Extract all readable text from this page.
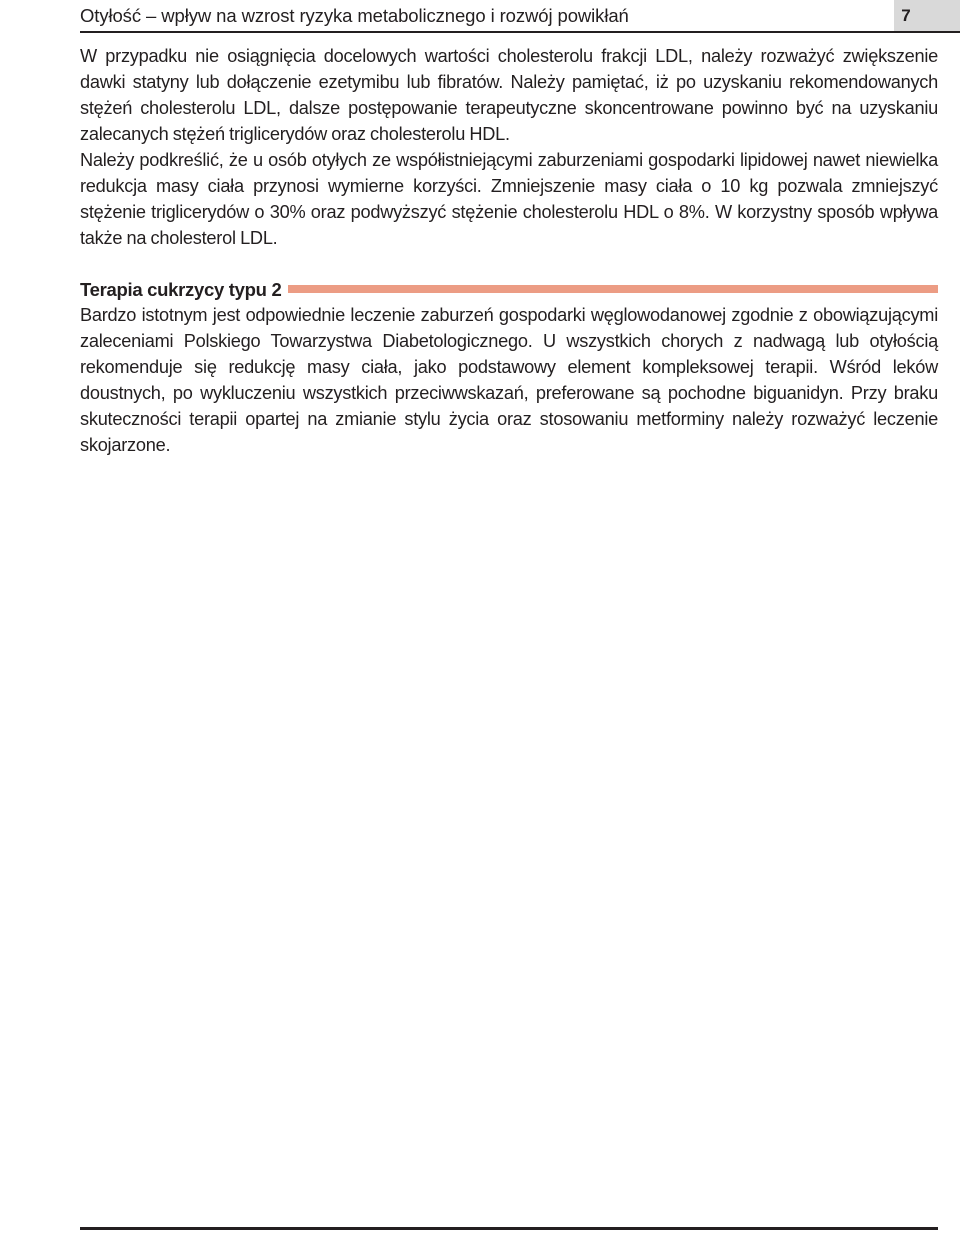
Otyłość – wpływ na wzrost ryzyka metabolicznego i rozwój powikłań	7

W przypadku nie osiągnięcia docelowych wartości cholesterolu frakcji LDL, należy rozważyć zwiększenie dawki statyny lub dołączenie ezetymibu lub fibratów. Należy pamiętać, iż po uzyskaniu rekomendowanych stężeń cholesterolu LDL, dalsze postępowanie terapeutyczne skoncentrowane powinno być na uzyskaniu zalecanych stężeń triglicerydów oraz cholesterolu HDL.

Należy podkreślić, że u osób otyłych ze współistniejącymi zaburzeniami gospodarki lipidowej nawet niewielka redukcja masy ciała przynosi wymierne korzyści. Zmniejszenie masy ciała o 10 kg pozwala zmniejszyć stężenie triglicerydów o 30% oraz podwyższyć stężenie cholesterolu HDL o 8%. W korzystny sposób wpływa także na cholesterol LDL.

Terapia cukrzycy typu 2

Bardzo istotnym jest odpowiednie leczenie zaburzeń gospodarki węglowodanowej zgodnie z obowiązującymi zaleceniami Polskiego Towarzystwa Diabetologicznego. U wszystkich chorych z nadwagą lub otyłością rekomenduje się redukcję masy ciała, jako podstawowy element kompleksowej terapii. Wśród leków doustnych, po wykluczeniu wszystkich przeciwwskazań, preferowane są pochodne biguanidyn. Przy braku skuteczności terapii opartej na zmianie stylu życia oraz stosowaniu metforminy należy rozważyć leczenie skojarzone.
